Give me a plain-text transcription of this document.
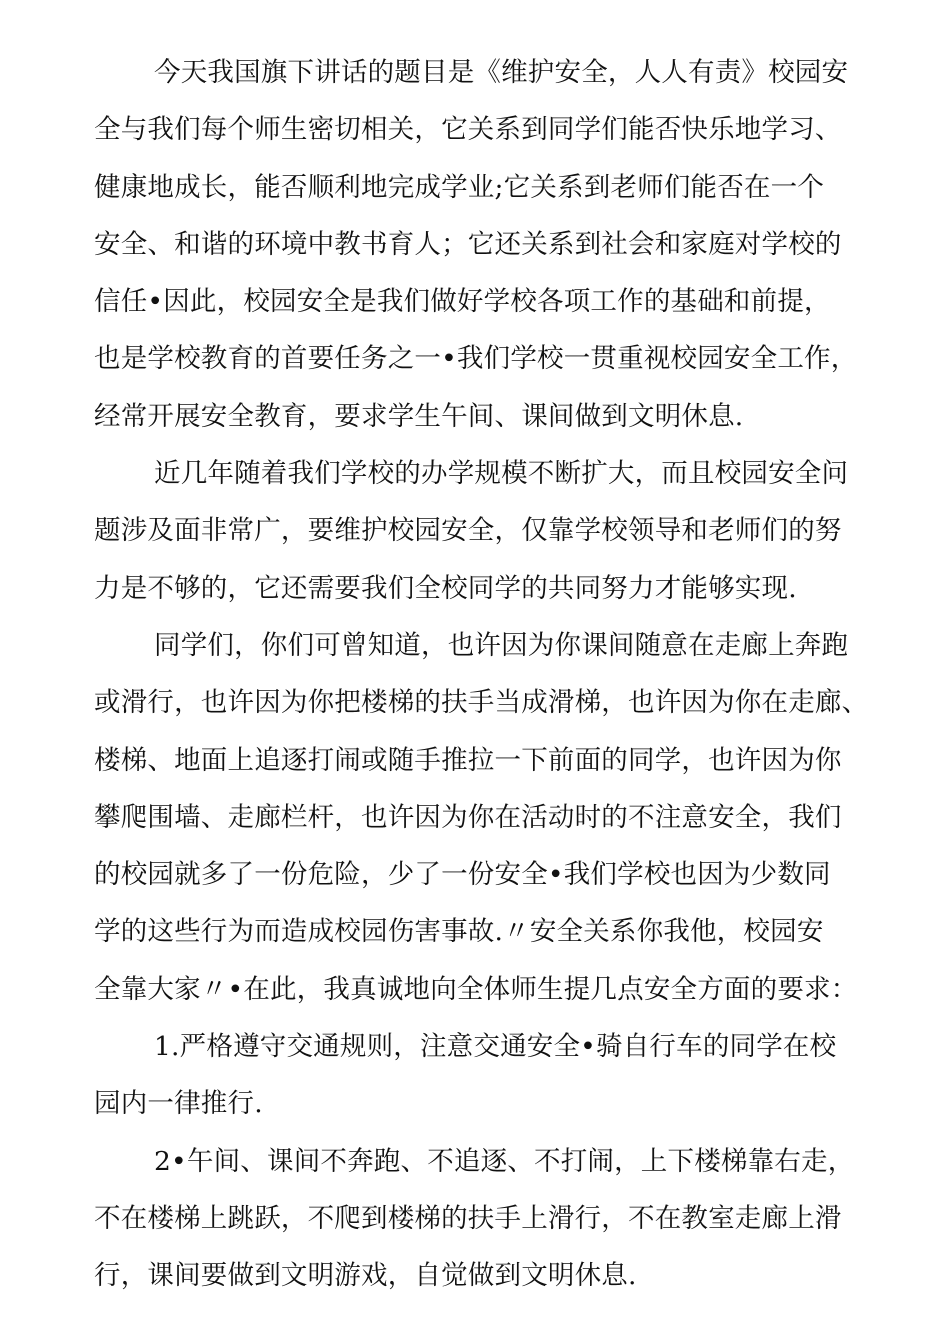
今天我国旗下讲话的题目是《维护安全，人人有责》校园安
全与我们每个师生密切相关，它关系到同学们能否快乐地学习、
健康地成长，能否顺利地完成学业;它关系到老师们能否在一个
安全、和谐的环境中教书育人；它还关系到社会和家庭对学校的
信任•因此，校园安全是我们做好学校各项工作的基础和前提，
也是学校教育的首要任务之一•我们学校一贯重视校园安全工作，
经常开展安全教育，要求学生午间、课间做到文明休息.
近几年随着我们学校的办学规模不断扩大，而且校园安全问
题涉及面非常广，要维护校园安全，仅靠学校领导和老师们的努
力是不够的，它还需要我们全校同学的共同努力才能够实现.
同学们，你们可曾知道，也许因为你课间随意在走廊上奔跑
或滑行，也许因为你把楼梯的扶手当成滑梯，也许因为你在走廊、
楼梯、地面上追逐打闹或随手推拉一下前面的同学，也许因为你
攀爬围墙、走廊栏杆，也许因为你在活动时的不注意安全，我们
的校园就多了一份危险，少了一份安全•我们学校也因为少数同
学的这些行为而造成校园伤害事故.〃安全关系你我他，校园安
全靠大家〃•在此，我真诚地向全体师生提几点安全方面的要求：
1.严格遵守交通规则，注意交通安全•骑自行车的同学在校
园内一律推行.
2•午间、课间不奔跑、不追逐、不打闹，上下楼梯靠右走，
不在楼梯上跳跃，不爬到楼梯的扶手上滑行，不在教室走廊上滑
行，课间要做到文明游戏，自觉做到文明休息.
